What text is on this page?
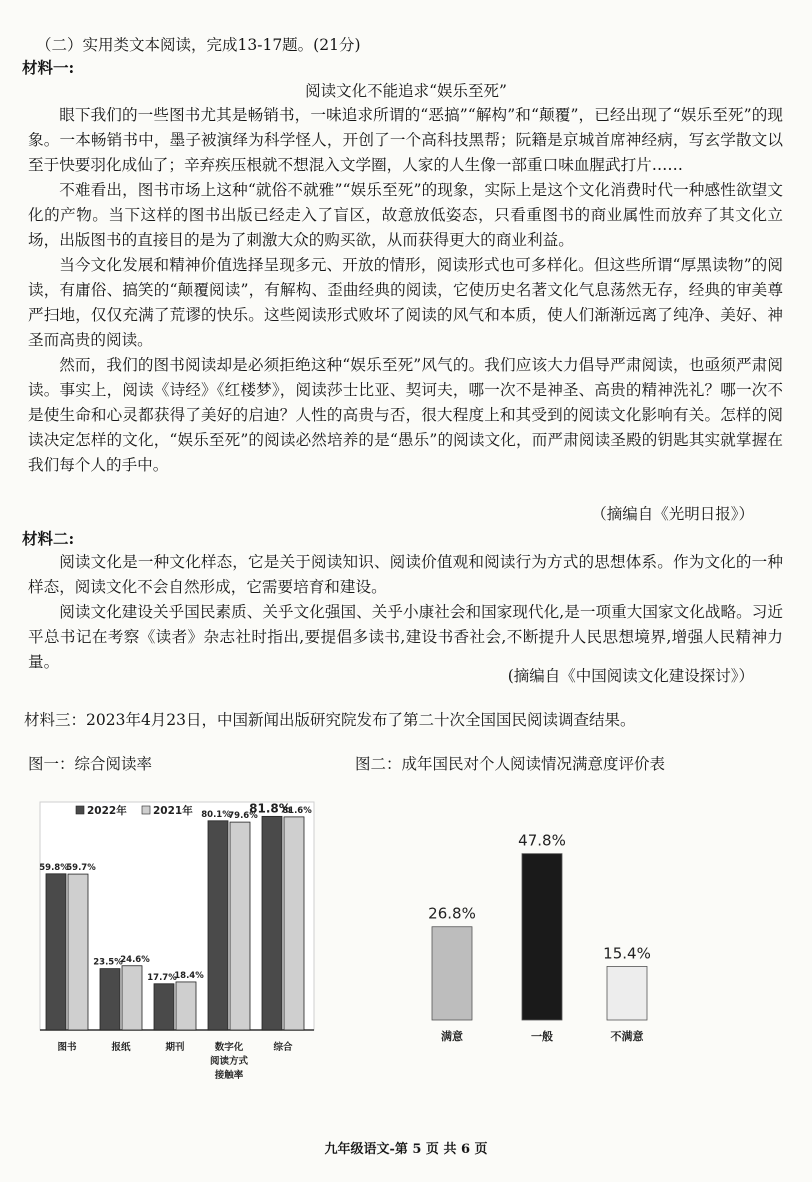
（二）实用类文本阅读，完成13-17题。(21分)
材料一:
阅读文化不能追求“娱乐至死”

眼下我们的一些图书尤其是畅销书，一味追求所谓的“恶搞”“解构”和“颠覆”，已经出现了“娱乐至死”的现象。一本畅销书中，墨子被演绎为科学怪人，开创了一个高科技黑帮；阮籍是京城首席神经病，写玄学散文以至于快要羽化成仙了；辛弃疾压根就不想混入文学圈，人家的人生像一部重口味血腥武打片……

不难看出，图书市场上这种“就俗不就雅”“娱乐至死”的现象，实际上是这个文化消费时代一种感性欲望文化的产物。当下这样的图书出版已经走入了盲区，故意放低姿态，只看重图书的商业属性而放弃了其文化立场，出版图书的直接目的是为了刺激大众的购买欲，从而获得更大的商业利益。

当今文化发展和精神价值选择呈现多元、开放的情形，阅读形式也可多样化。但这些所谓“厚黑读物”的阅读，有庸俗、搞笑的“颠覆阅读”，有解构、歪曲经典的阅读，它使历史名著文化气息荡然无存，经典的审美尊严扫地，仅仅充满了荒谬的快乐。这些阅读形式败坏了阅读的风气和本质，使人们渐渐远离了纯净、美好、神圣而高贵的阅读。

然而，我们的图书阅读却是必须拒绝这种“娱乐至死”风气的。我们应该大力倡导严肃阅读，也亟须严肃阅读。事实上，阅读《诗经》《红楼梦》，阅读莎士比亚、契诃夫，哪一次不是神圣、高贵的精神洗礼？哪一次不是使生命和心灵都获得了美好的启迪？人性的高贵与否，很大程度上和其受到的阅读文化影响有关。怎样的阅读决定怎样的文化，“娱乐至死”的阅读必然培养的是“愚乐”的阅读文化，而严肃阅读圣殿的钥匙其实就掌握在我们每个人的手中。

（摘编自《光明日报》）
材料二:

阅读文化是一种文化样态，它是关于阅读知识、阅读价值观和阅读行为方式的思想体系。作为文化的一种样态，阅读文化不会自然形成，它需要培育和建设。

阅读文化建设关乎国民素质、关乎文化强国、关乎小康社会和国家现代化,是一项重大国家文化战略。习近平总书记在考察《读者》杂志社时指出,要提倡多读书,建设书香社会,不断提升人民思想境界,增强人民精神力量。

(摘编自《中国阅读文化建设探讨》）
材料三：2023年4月23日，中国新闻出版研究院发布了第二十次全国国民阅读调查结果。
图一：综合阅读率	图二：成年国民对个人阅读情况满意度评价表
59.8%
59.7%
23.5%
24.6%
17.7%
18.4%
80.1%
79.6%
81.8%
81.6%
图书	报纸	期刊	数字化
阅读方式
接触率
综合
2022年	2021年
26.8%
47.8%
15.4%
满意	一般	不满意
九年级语文-第 5 页 共 6 页
